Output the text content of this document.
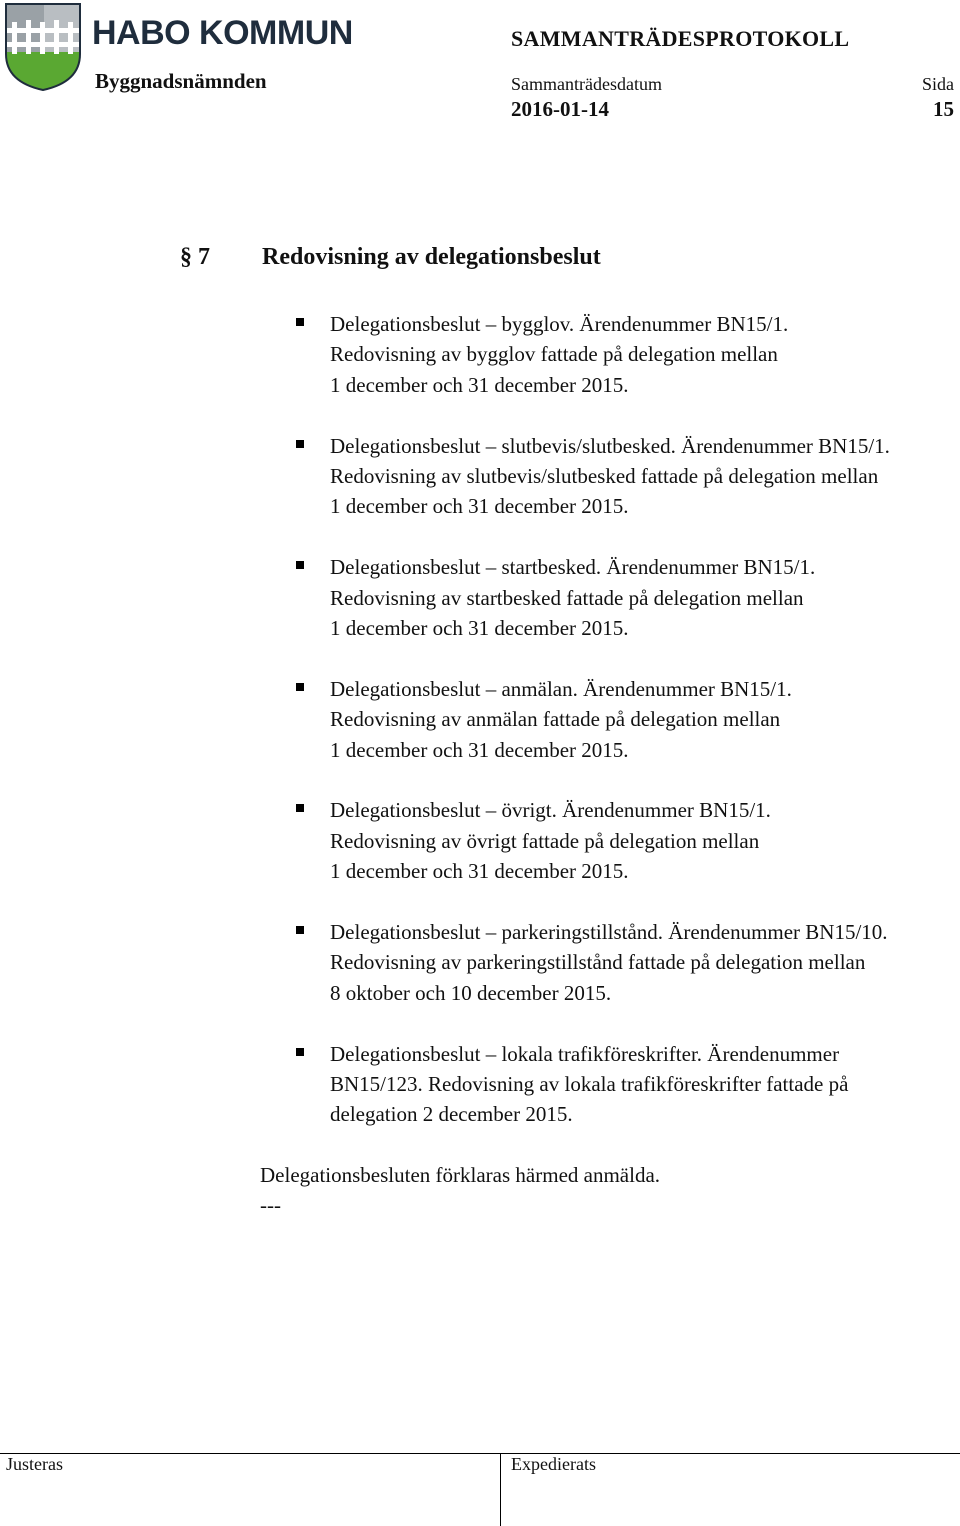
HABO KOMMUN
Byggnadsnämnden
SAMMANTRÄDESPROTOKOLL
Sammanträdesdatum	Sida
2016-01-14	15
§ 7 Redovisning av delegationsbeslut
Delegationsbeslut – bygglov. Ärendenummer BN15/1.
Redovisning av bygglov fattade på delegation mellan
1 december och 31 december 2015.
Delegationsbeslut – slutbevis/slutbesked. Ärendenummer BN15/1.
Redovisning av slutbevis/slutbesked fattade på delegation mellan
1 december och 31 december 2015.
Delegationsbeslut – startbesked. Ärendenummer BN15/1.
Redovisning av startbesked fattade på delegation mellan
1 december och 31 december 2015.
Delegationsbeslut – anmälan. Ärendenummer BN15/1.
Redovisning av anmälan fattade på delegation mellan
1 december och 31 december 2015.
Delegationsbeslut – övrigt. Ärendenummer BN15/1.
Redovisning av övrigt fattade på delegation mellan
1 december och 31 december 2015.
Delegationsbeslut – parkeringstillstånd. Ärendenummer BN15/10.
Redovisning av parkeringstillstånd fattade på delegation mellan
8 oktober och 10 december 2015.
Delegationsbeslut – lokala trafikföreskrifter. Ärendenummer
BN15/123. Redovisning av lokala trafikföreskrifter fattade på
delegation 2 december 2015.
Delegationsbesluten förklaras härmed anmälda.
---
Justeras	Expedierats
